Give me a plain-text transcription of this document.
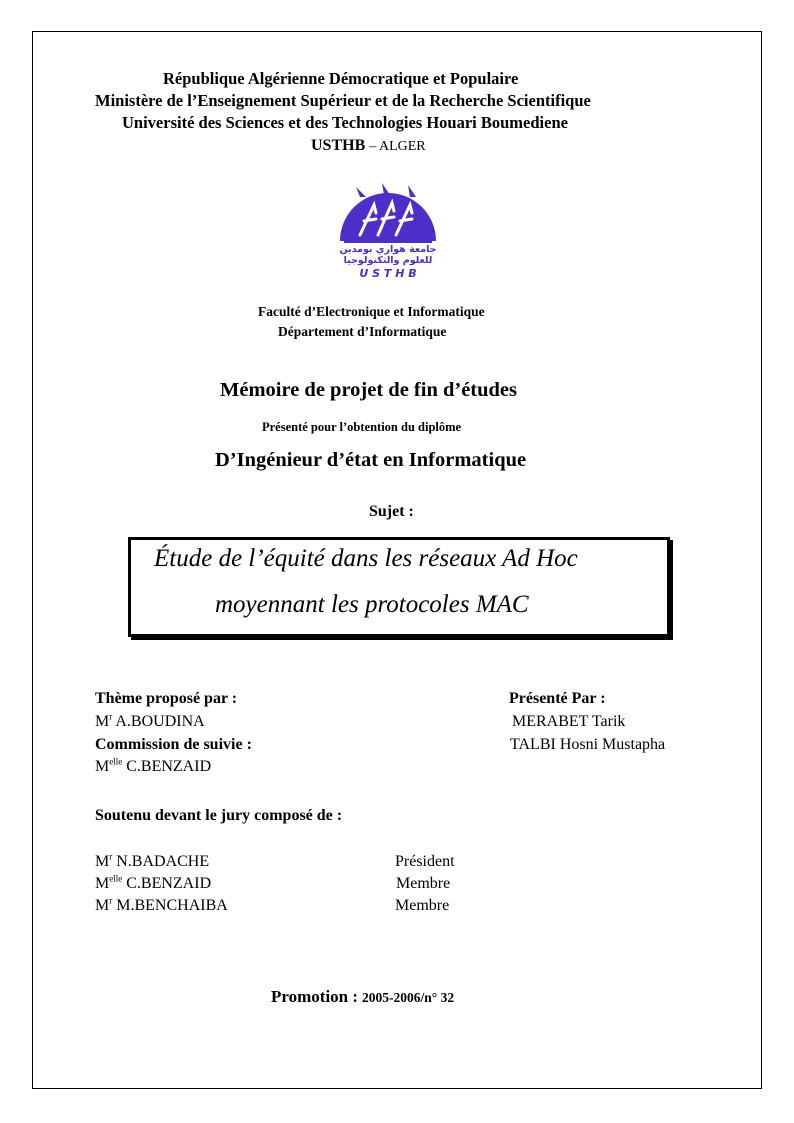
République Algérienne Démocratique et Populaire
Ministère de l’Enseignement Supérieur et de la Recherche Scientifique
Université des Sciences et des Technologies Houari Boumediene
USTHB – ALGER
جامعة هواري بومدين
للعلوم والتكنولوجيا
U S T H B
Faculté d’Electronique et Informatique
Département d’Informatique
Mémoire de projet de fin d’études
Présenté pour l’obtention du diplôme
D’Ingénieur d’état en Informatique
Sujet :
Étude de l’équité dans les réseaux Ad Hoc
moyennant les protocoles MAC
Thème proposé par :
$M^r$ A.BOUDINA
Commission de suivie :
$M^{elle}$ C.BENZAID
Présenté Par :
MERABET Tarik
TALBI Hosni Mustapha
Soutenu devant le jury composé de :
$M^r$ N.BADACHE	Président
$M^{elle}$ C.BENZAID	Membre
$M^r$ M.BENCHAIBA	Membre
Promotion : 2005-2006/n° 32
